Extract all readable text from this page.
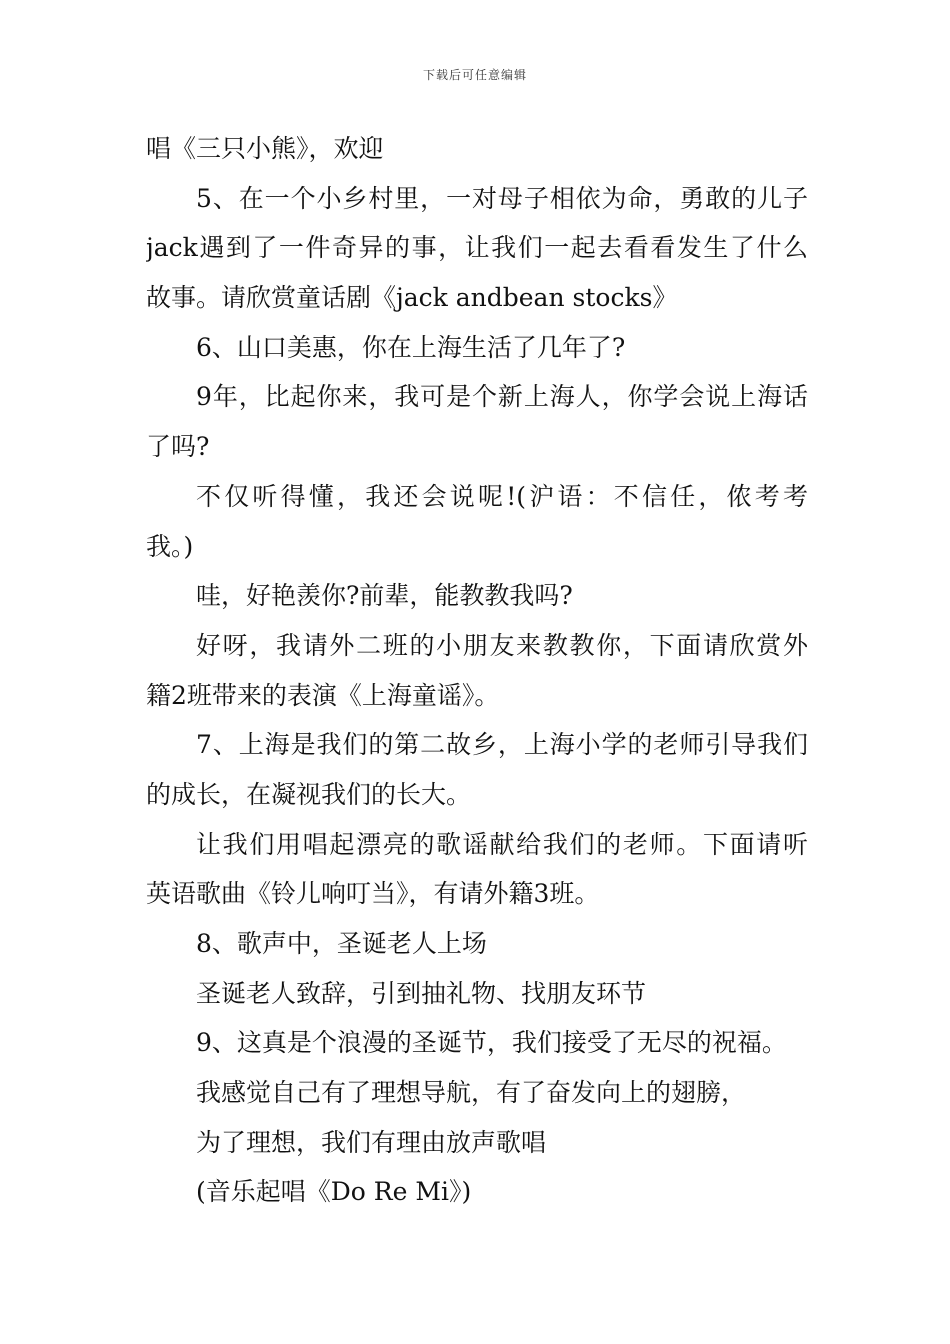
下载后可任意编辑
唱《三只小熊》，欢迎
5、在一个小乡村里，一对母子相依为命，勇敢的儿子
jack遇到了一件奇异的事，让我们一起去看看发生了什么
故事。请欣赏童话剧《jack andbean stocks》
6、山口美惠，你在上海生活了几年了?
9年，比起你来，我可是个新上海人，你学会说上海话
了吗?
不仅听得懂，我还会说呢!(沪语：不信任，侬考考
我。)
哇，好艳羡你?前辈，能教教我吗?
好呀，我请外二班的小朋友来教教你，下面请欣赏外
籍2班带来的表演《上海童谣》。
7、上海是我们的第二故乡，上海小学的老师引导我们
的成长，在凝视我们的长大。
让我们用唱起漂亮的歌谣献给我们的老师。下面请听
英语歌曲《铃儿响叮当》，有请外籍3班。
8、歌声中，圣诞老人上场
圣诞老人致辞，引到抽礼物、找朋友环节
9、这真是个浪漫的圣诞节，我们接受了无尽的祝福。
我感觉自己有了理想导航，有了奋发向上的翅膀，
为了理想，我们有理由放声歌唱
(音乐起唱《Do Re Mi》)
